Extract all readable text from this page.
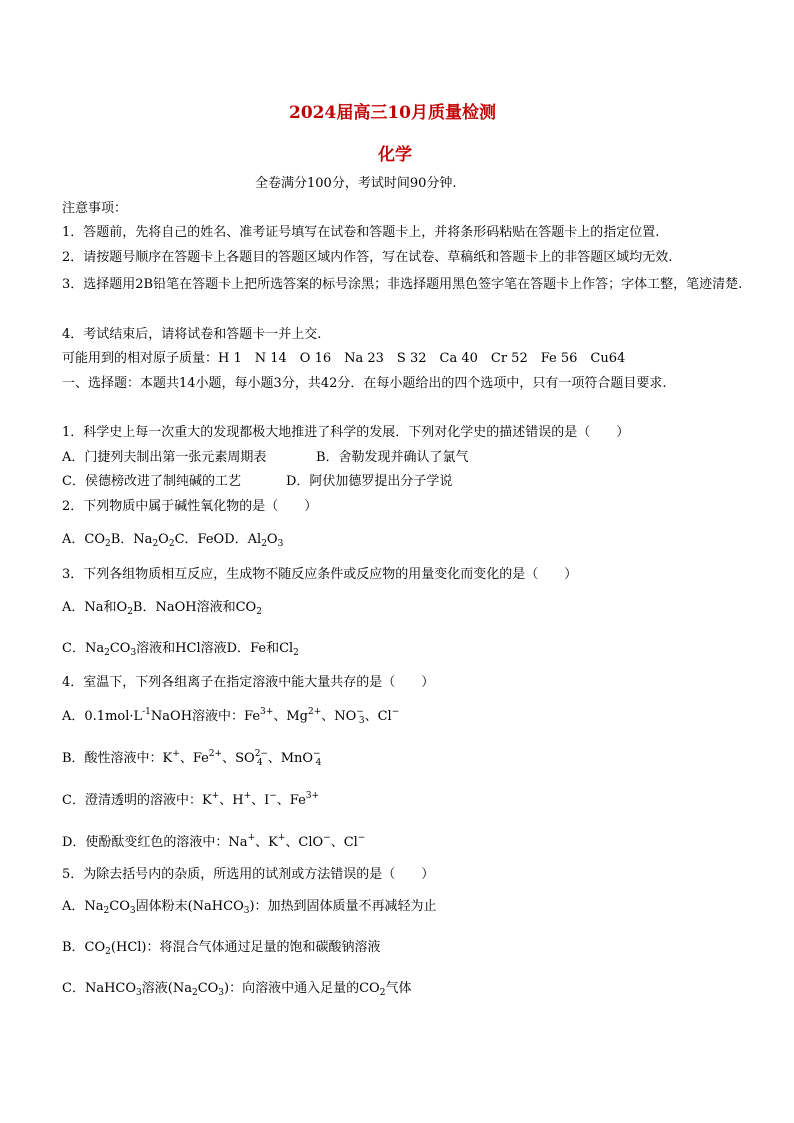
2024届高三10月质量检测
化学
全卷满分100分，考试时间90分钟.
注意事项：
1．答题前，先将自己的姓名、准考证号填写在试卷和答题卡上，并将条形码粘贴在答题卡上的指定位置.
2．请按题号顺序在答题卡上各题目的答题区域内作答，写在试卷、草稿纸和答题卡上的非答题区域均无效.
3．选择题用2B铅笔在答题卡上把所选答案的标号涂黑；非选择题用黑色签字笔在答题卡上作答；字体工整，笔迹清楚.
4．考试结束后，请将试卷和答题卡一并上交.
可能用到的相对原子质量：H 1　N 14　O 16　Na 23　S 32　Ca 40　Cr 52　Fe 56　Cu64
一、选择题：本题共14小题，每小题3分，共42分．在每小题给出的四个选项中，只有一项符合题目要求.
1．科学史上每一次重大的发现都极大地推进了科学的发展．下列对化学史的描述错误的是（　　）
A．门捷列夫制出第一张元素周期表	B．舍勒发现并确认了氯气
C．侯德榜改进了制纯碱的工艺	D．阿伏加德罗提出分子学说
2．下列物质中属于碱性氧化物的是（　　）
A．$CO_2B$．$Na_2O_2C$．FeOD．$Al_2O_3$
3．下列各组物质相互反应，生成物不随反应条件或反应物的用量变化而变化的是（　　）
A．Na和$O_2B$．NaOH溶液和$CO_2$
C．$Na_2CO_3$溶液和HCl溶液D．Fe和$Cl_2$
4．室温下，下列各组离子在指定溶液中能大量共存的是（　　）
A．$0.1mol\cdot L^{-1}NaOH$溶液中：$Fe^{3+}$、$Mg^{2+}$、$NO^-_3$、Cl−
B．酸性溶液中：K+、$Fe^{2+}$、$SO^{2-}_4$ 、MnO−$_4$
C．澄清透明的溶液中：K+、H+、I−、$Fe^{3+}$
D．使酚酞变红色的溶液中：Na+、K+、ClO−、Cl−
5．为除去括号内的杂质，所选用的试剂或方法错误的是（　　）
A．$Na_2CO_3$固体粉末(NaHCO$_3$)：加热到固体质量不再减轻为止
B．$CO_2(HCl)$：将混合气体通过足量的饱和碳酸钠溶液
C．NaHCO$_3$溶液$(Na_2CO_3)$：向溶液中通入足量的$CO_2$气体
